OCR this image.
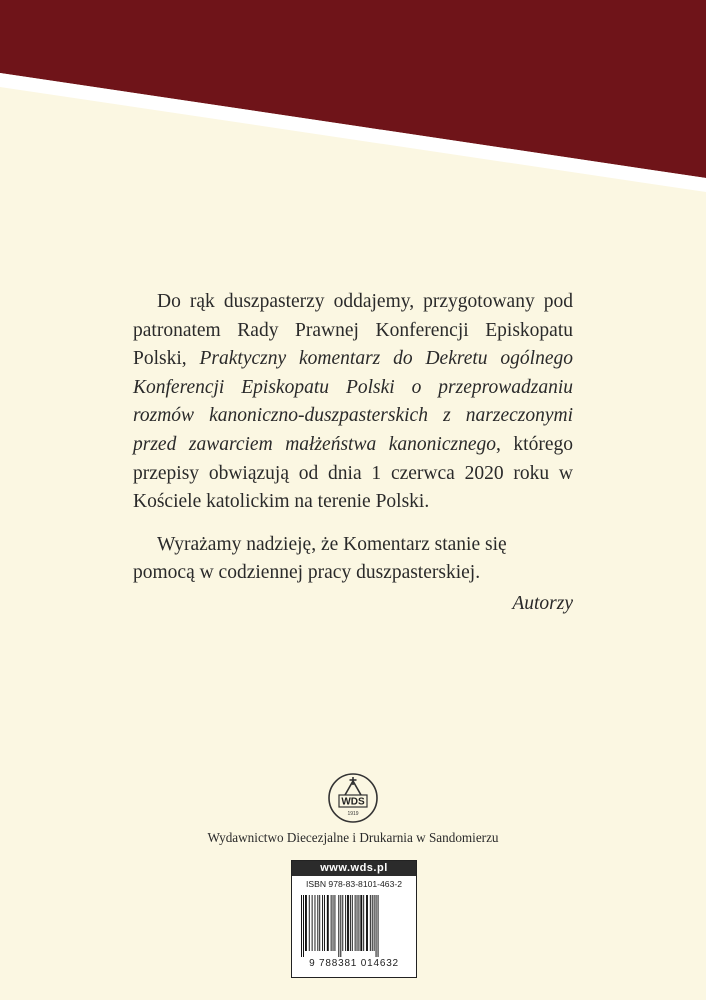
Do rąk duszpasterzy oddajemy, przygotowany pod patronatem Rady Prawnej Konferencji Episkopatu Polski, Praktyczny komentarz do Dekretu ogólnego Konferencji Episkopatu Polski o przeprowadzaniu rozmów kanoniczno-duszpasterskich z narzeczonymi przed zawarciem małżeństwa kanonicznego, którego przepisy obwiązują od dnia 1 czerwca 2020 roku w Kościele katolickim na terenie Polski.

Wyrażamy nadzieję, że Komentarz stanie się pomocą w codziennej pracy duszpasterskiej.

Autorzy

WDS
1919
Wydawnictwo Diecezjalne i Drukarnia w Sandomierzu
www.wds.pl
ISBN 978-83-8101-463-2
9 788381 014632
